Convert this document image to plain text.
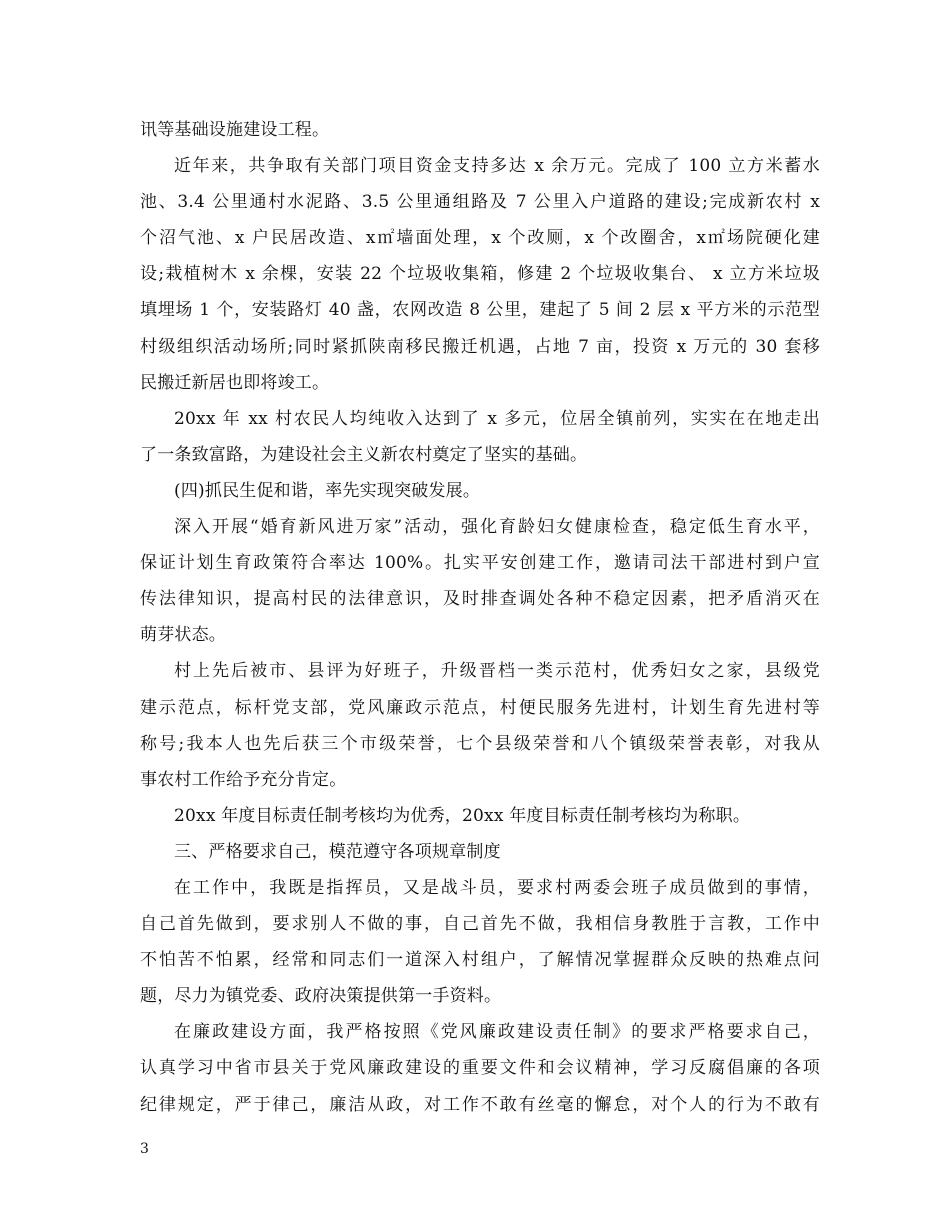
讯等基础设施建设工程。
近年来，共争取有关部门项目资金支持多达 x 余万元。完成了 100 立方米蓄水
池、3.4 公里通村水泥路、3.5 公里通组路及 7 公里入户道路的建设;完成新农村 x
个沼气池、x 户民居改造、x㎡墙面处理，x 个改厕，x 个改圈舍，x㎡场院硬化建
设;栽植树木 x 余棵，安装 22 个垃圾收集箱，修建 2 个垃圾收集台、 x 立方米垃圾
填埋场 1 个，安装路灯 40 盏，农网改造 8 公里，建起了 5 间 2 层 x 平方米的示范型
村级组织活动场所;同时紧抓陕南移民搬迁机遇，占地 7 亩，投资 x 万元的 30 套移
民搬迁新居也即将竣工。
20xx 年 xx 村农民人均纯收入达到了 x 多元，位居全镇前列，实实在在地走出
了一条致富路，为建设社会主义新农村奠定了坚实的基础。
(四)抓民生促和谐，率先实现突破发展。
深入开展“婚育新风进万家”活动，强化育龄妇女健康检查，稳定低生育水平，
保证计划生育政策符合率达 100%。扎实平安创建工作，邀请司法干部进村到户宣
传法律知识，提高村民的法律意识，及时排查调处各种不稳定因素，把矛盾消灭在
萌芽状态。
村上先后被市、县评为好班子，升级晋档一类示范村，优秀妇女之家，县级党
建示范点，标杆党支部，党风廉政示范点，村便民服务先进村，计划生育先进村等
称号;我本人也先后获三个市级荣誉，七个县级荣誉和八个镇级荣誉表彰，对我从
事农村工作给予充分肯定。
20xx 年度目标责任制考核均为优秀，20xx 年度目标责任制考核均为称职。
三、严格要求自己，模范遵守各项规章制度
在工作中，我既是指挥员，又是战斗员，要求村两委会班子成员做到的事情，
自己首先做到，要求别人不做的事，自己首先不做，我相信身教胜于言教，工作中
不怕苦不怕累，经常和同志们一道深入村组户，了解情况掌握群众反映的热难点问
题，尽力为镇党委、政府决策提供第一手资料。
在廉政建设方面，我严格按照《党风廉政建设责任制》的要求严格要求自己，
认真学习中省市县关于党风廉政建设的重要文件和会议精神，学习反腐倡廉的各项
纪律规定，严于律己，廉洁从政，对工作不敢有丝毫的懈怠，对个人的行为不敢有
3
